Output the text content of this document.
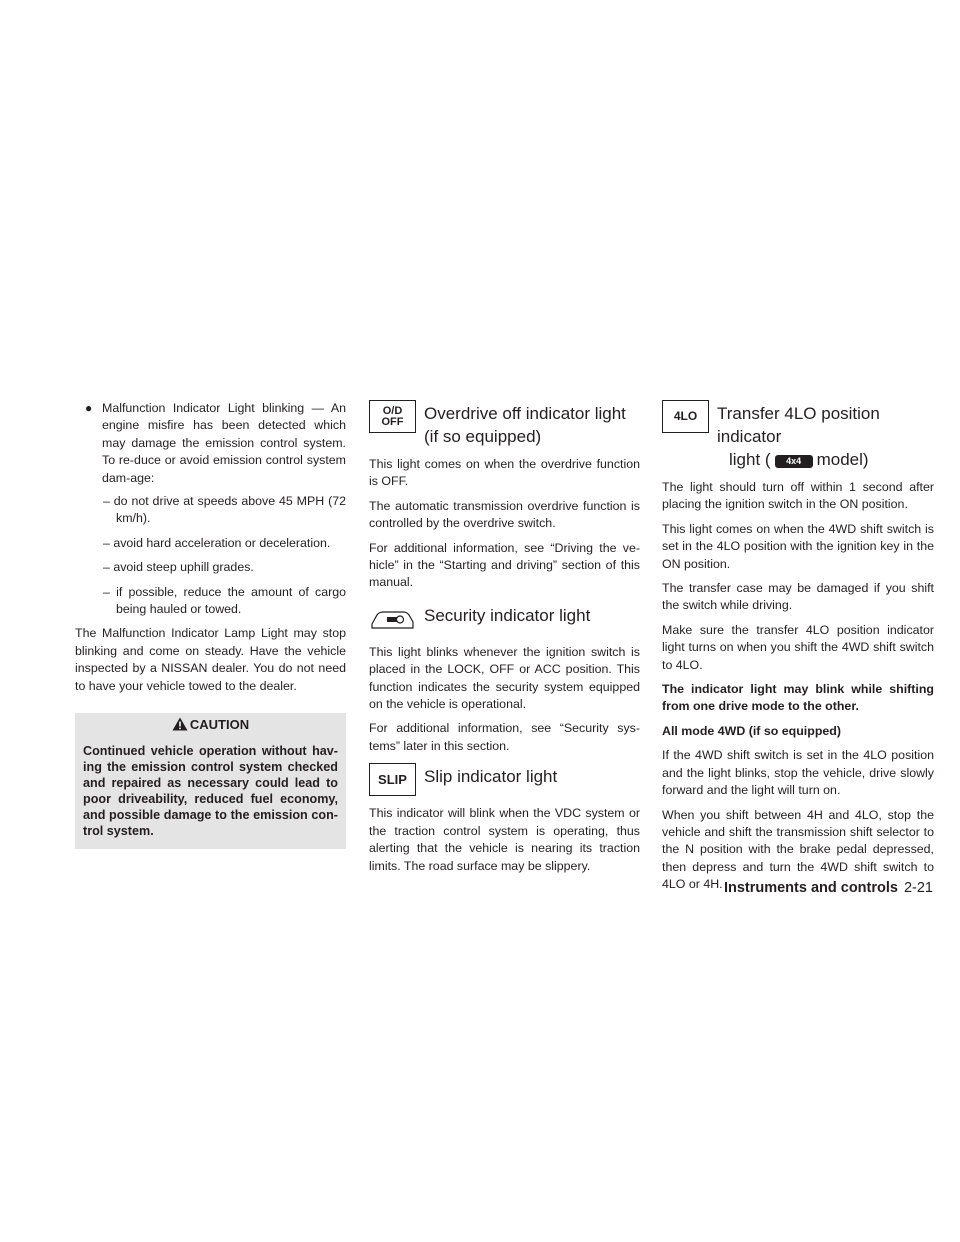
● Malfunction Indicator Light blinking — An engine misfire has been detected which may damage the emission control system. To re-duce or avoid emission control system dam-age:
– do not drive at speeds above 45 MPH (72 km/h).
– avoid hard acceleration or deceleration.
– avoid steep uphill grades.
– if possible, reduce the amount of cargo being hauled or towed.

The Malfunction Indicator Lamp Light may stop blinking and come on steady. Have the vehicle inspected by a NISSAN dealer. You do not need to have your vehicle towed to the dealer.

CAUTION
Continued vehicle operation without hav-ing the emission control system checked and repaired as necessary could lead to poor driveability, reduced fuel economy, and possible damage to the emission con-trol system.
O/D
OFF Overdrive off indicator light (if so equipped)

This light comes on when the overdrive function is OFF.

The automatic transmission overdrive function is controlled by the overdrive switch.

For additional information, see “Driving the ve-hicle” in the “Starting and driving” section of this manual.

Security indicator light

This light blinks whenever the ignition switch is placed in the LOCK, OFF or ACC position. This function indicates the security system equipped on the vehicle is operational.

For additional information, see “Security sys-tems” later in this section.

SLIP	Slip indicator light

This indicator will blink when the VDC system or the traction control system is operating, thus alerting that the vehicle is nearing its traction limits. The road surface may be slippery.

4LO	Transfer 4LO position indicator
light ( 4x4 model)

The light should turn off within 1 second after placing the ignition switch in the ON position.

This light comes on when the 4WD shift switch is set in the 4LO position with the ignition key in the ON position.

The transfer case may be damaged if you shift the switch while driving.

Make sure the transfer 4LO position indicator light turns on when you shift the 4WD shift switch to 4LO.

The indicator light may blink while shifting from one drive mode to the other.

All mode 4WD (if so equipped)

If the 4WD shift switch is set in the 4LO position and the light blinks, stop the vehicle, drive slowly forward and the light will turn on.

When you shift between 4H and 4LO, stop the vehicle and shift the transmission shift selector to the N position with the brake pedal depressed, then depress and turn the 4WD shift switch to 4LO or 4H. Instruments and controls 2-21
